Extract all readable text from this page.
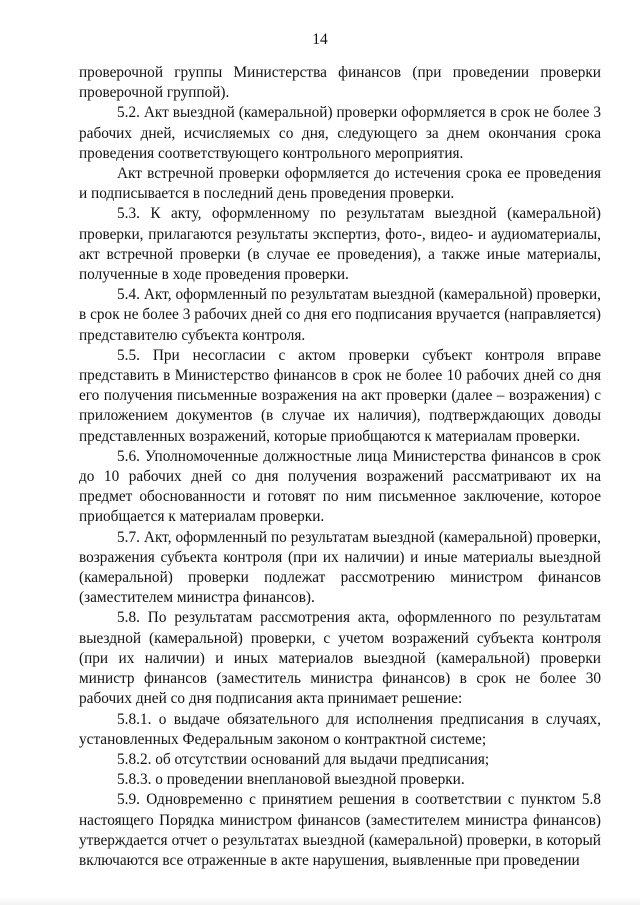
14

проверочной группы Министерства финансов (при проведении проверки проверочной группой).

5.2. Акт выездной (камеральной) проверки оформляется в срок не более 3 рабочих дней, исчисляемых со дня, следующего за днем окончания срока проведения соответствующего контрольного мероприятия.

Акт встречной проверки оформляется до истечения срока ее проведения и подписывается в последний день проведения проверки.

5.3. К акту, оформленному по результатам выездной (камеральной) проверки, прилагаются результаты экспертиз, фото-, видео- и аудиоматериалы, акт встречной проверки (в случае ее проведения), а также иные материалы, полученные в ходе проведения проверки.

5.4. Акт, оформленный по результатам выездной (камеральной) проверки, в срок не более 3 рабочих дней со дня его подписания вручается (направляется) представителю субъекта контроля.

5.5. При несогласии с актом проверки субъект контроля вправе представить в Министерство финансов в срок не более 10 рабочих дней со дня его получения письменные возражения на акт проверки (далее – возражения) с приложением документов (в случае их наличия), подтверждающих доводы представленных возражений, которые приобщаются к материалам проверки.

5.6. Уполномоченные должностные лица Министерства финансов в срок до 10 рабочих дней со дня получения возражений рассматривают их на предмет обоснованности и готовят по ним письменное заключение, которое приобщается к материалам проверки.

5.7. Акт, оформленный по результатам выездной (камеральной) проверки, возражения субъекта контроля (при их наличии) и иные материалы выездной (камеральной) проверки подлежат рассмотрению министром финансов (заместителем министра финансов).

5.8. По результатам рассмотрения акта, оформленного по результатам выездной (камеральной) проверки, с учетом возражений субъекта контроля (при их наличии) и иных материалов выездной (камеральной) проверки министр финансов (заместитель министра финансов) в срок не более 30 рабочих дней со дня подписания акта принимает решение:

5.8.1. о выдаче обязательного для исполнения предписания в случаях, установленных Федеральным законом о контрактной системе;

5.8.2. об отсутствии оснований для выдачи предписания;

5.8.3. о проведении внеплановой выездной проверки.

5.9. Одновременно с принятием решения в соответствии с пунктом 5.8 настоящего Порядка министром финансов (заместителем министра финансов) утверждается отчет о результатах выездной (камеральной) проверки, в который включаются все отраженные в акте нарушения, выявленные при проведении
